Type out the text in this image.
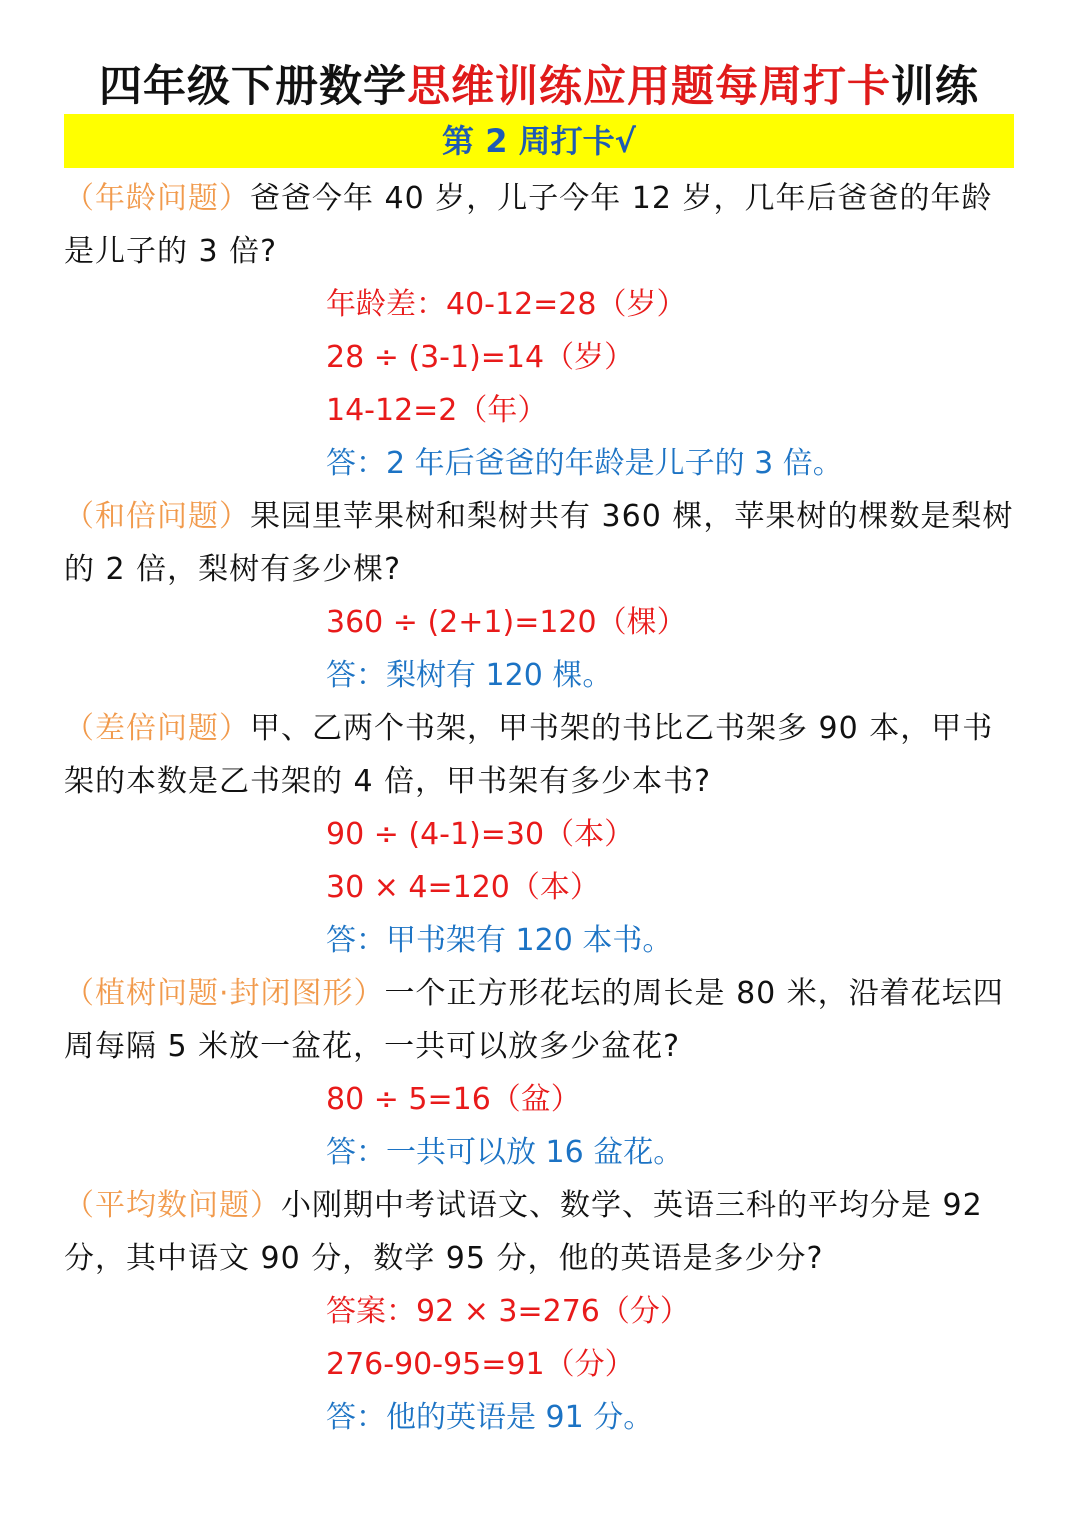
四年级下册数学思维训练应用题每周打卡训练
第 2 周打卡√

（年龄问题）爸爸今年 40 岁，儿子今年 12 岁，几年后爸爸的年龄是儿子的 3 倍?

年龄差：40-12=28（岁）
28 ÷ (3-1)=14（岁）
14-12=2（年）
答：2 年后爸爸的年龄是儿子的 3 倍。

（和倍问题）果园里苹果树和梨树共有 360 棵，苹果树的棵数是梨树的 2 倍，梨树有多少棵?

360 ÷ (2+1)=120（棵）
答：梨树有 120 棵。

（差倍问题）甲、乙两个书架，甲书架的书比乙书架多 90 本，甲书架的本数是乙书架的 4 倍，甲书架有多少本书?

90 ÷ (4-1)=30（本）
30 × 4=120（本）
答：甲书架有 120 本书。

（植树问题·封闭图形）一个正方形花坛的周长是 80 米，沿着花坛四周每隔 5 米放一盆花，一共可以放多少盆花?

80 ÷ 5=16（盆）
答：一共可以放 16 盆花。

（平均数问题）小刚期中考试语文、数学、英语三科的平均分是 92 分，其中语文 90 分，数学 95 分，他的英语是多少分?

答案：92 × 3=276（分）
276-90-95=91（分）
答：他的英语是 91 分。
